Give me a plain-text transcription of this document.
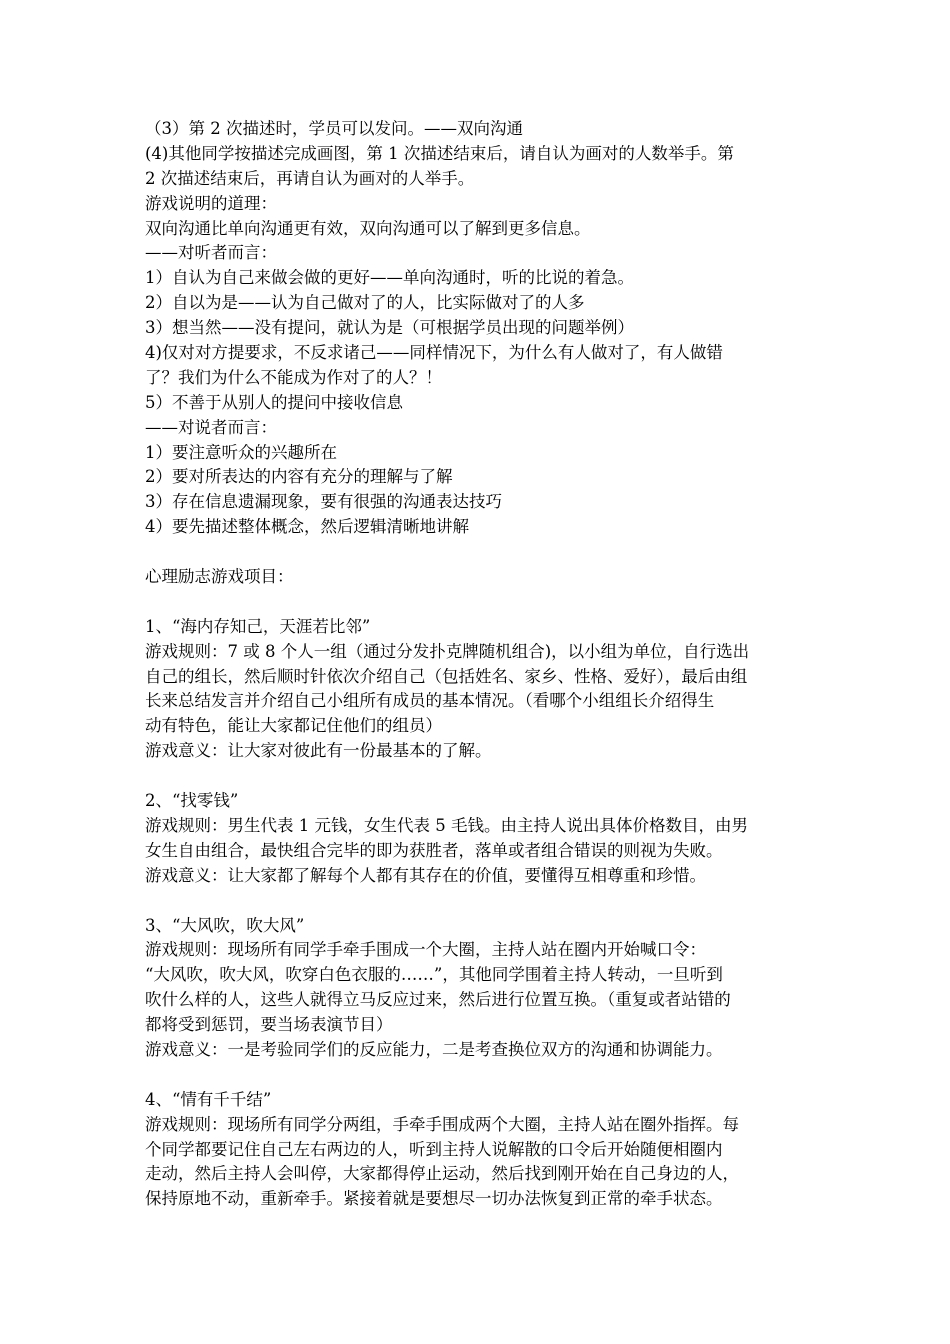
（3）第 2 次描述时，学员可以发问。——双向沟通
(4)其他同学按描述完成画图，第 1 次描述结束后，请自认为画对的人数举手。第
2 次描述结束后，再请自认为画对的人举手。
游戏说明的道理：
双向沟通比单向沟通更有效，双向沟通可以了解到更多信息。
——对听者而言：
1）自认为自己来做会做的更好——单向沟通时，听的比说的着急。
2）自以为是——认为自己做对了的人，比实际做对了的人多
3）想当然——没有提问，就认为是（可根据学员出现的问题举例）
4)仅对对方提要求，不反求诸己——同样情况下，为什么有人做对了，有人做错
了？我们为什么不能成为作对了的人？！
5）不善于从别人的提问中接收信息
——对说者而言：
1）要注意听众的兴趣所在
2）要对所表达的内容有充分的理解与了解
3）存在信息遗漏现象，要有很强的沟通表达技巧
4）要先描述整体概念，然后逻辑清晰地讲解
心理励志游戏项目：
1、“海内存知己，天涯若比邻”
游戏规则：7 或 8 个人一组（通过分发扑克牌随机组合)，以小组为单位，自行选出
自己的组长，然后顺时针依次介绍自己（包括姓名、家乡、性格、爱好），最后由组
长来总结发言并介绍自己小组所有成员的基本情况。（看哪个小组组长介绍得生
动有特色，能让大家都记住他们的组员）
游戏意义：让大家对彼此有一份最基本的了解。
2、“找零钱”
游戏规则：男生代表 1 元钱，女生代表 5 毛钱。由主持人说出具体价格数目，由男
女生自由组合，最快组合完毕的即为获胜者，落单或者组合错误的则视为失败。
游戏意义：让大家都了解每个人都有其存在的价值，要懂得互相尊重和珍惜。
3、“大风吹，吹大风”
游戏规则：现场所有同学手牵手围成一个大圈，主持人站在圈内开始喊口令：
“大风吹，吹大风，吹穿白色衣服的……”，其他同学围着主持人转动，一旦听到
吹什么样的人，这些人就得立马反应过来，然后进行位置互换。（重复或者站错的
都将受到惩罚，要当场表演节目）
游戏意义：一是考验同学们的反应能力，二是考查换位双方的沟通和协调能力。
4、“情有千千结”
游戏规则：现场所有同学分两组，手牵手围成两个大圈，主持人站在圈外指挥。每
个同学都要记住自己左右两边的人，听到主持人说解散的口令后开始随便相圈内
走动，然后主持人会叫停，大家都得停止运动，然后找到刚开始在自己身边的人，
保持原地不动，重新牵手。紧接着就是要想尽一切办法恢复到正常的牵手状态。
